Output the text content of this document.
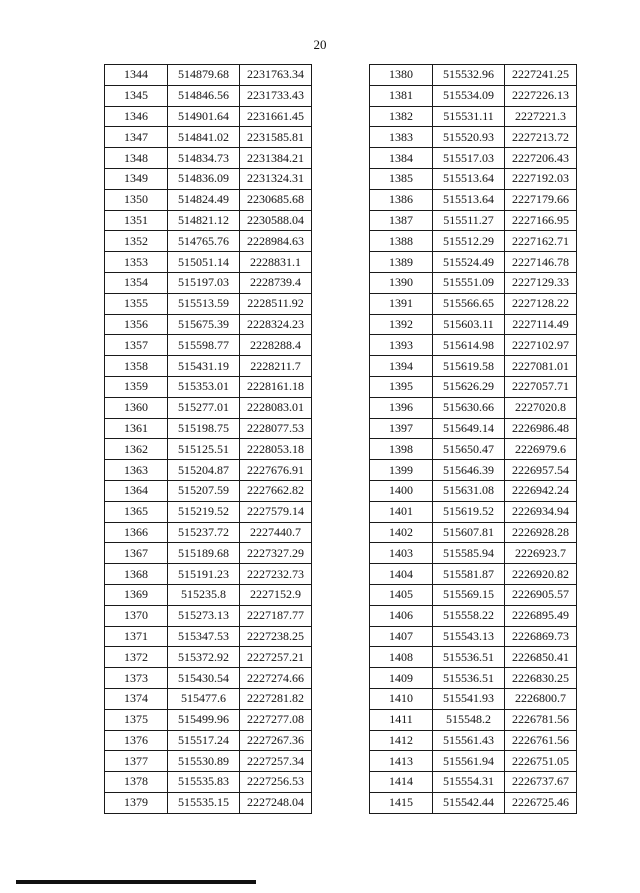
20
1344	514879.68	2231763.34
1345	514846.56	2231733.43
1346	514901.64	2231661.45
1347	514841.02	2231585.81
1348	514834.73	2231384.21
1349	514836.09	2231324.31
1350	514824.49	2230685.68
1351	514821.12	2230588.04
1352	514765.76	2228984.63
1353	515051.14	2228831.1
1354	515197.03	2228739.4
1355	515513.59	2228511.92
1356	515675.39	2228324.23
1357	515598.77	2228288.4
1358	515431.19	2228211.7
1359	515353.01	2228161.18
1360	515277.01	2228083.01
1361	515198.75	2228077.53
1362	515125.51	2228053.18
1363	515204.87	2227676.91
1364	515207.59	2227662.82
1365	515219.52	2227579.14
1366	515237.72	2227440.7
1367	515189.68	2227327.29
1368	515191.23	2227232.73
1369	515235.8	2227152.9
1370	515273.13	2227187.77
1371	515347.53	2227238.25
1372	515372.92	2227257.21
1373	515430.54	2227274.66
1374	515477.6	2227281.82
1375	515499.96	2227277.08
1376	515517.24	2227267.36
1377	515530.89	2227257.34
1378	515535.83	2227256.53
1379	515535.15	2227248.04
1380	515532.96	2227241.25
1381	515534.09	2227226.13
1382	515531.11	2227221.3
1383	515520.93	2227213.72
1384	515517.03	2227206.43
1385	515513.64	2227192.03
1386	515513.64	2227179.66
1387	515511.27	2227166.95
1388	515512.29	2227162.71
1389	515524.49	2227146.78
1390	515551.09	2227129.33
1391	515566.65	2227128.22
1392	515603.11	2227114.49
1393	515614.98	2227102.97
1394	515619.58	2227081.01
1395	515626.29	2227057.71
1396	515630.66	2227020.8
1397	515649.14	2226986.48
1398	515650.47	2226979.6
1399	515646.39	2226957.54
1400	515631.08	2226942.24
1401	515619.52	2226934.94
1402	515607.81	2226928.28
1403	515585.94	2226923.7
1404	515581.87	2226920.82
1405	515569.15	2226905.57
1406	515558.22	2226895.49
1407	515543.13	2226869.73
1408	515536.51	2226850.41
1409	515536.51	2226830.25
1410	515541.93	2226800.7
1411	515548.2	2226781.56
1412	515561.43	2226761.56
1413	515561.94	2226751.05
1414	515554.31	2226737.67
1415	515542.44	2226725.46
